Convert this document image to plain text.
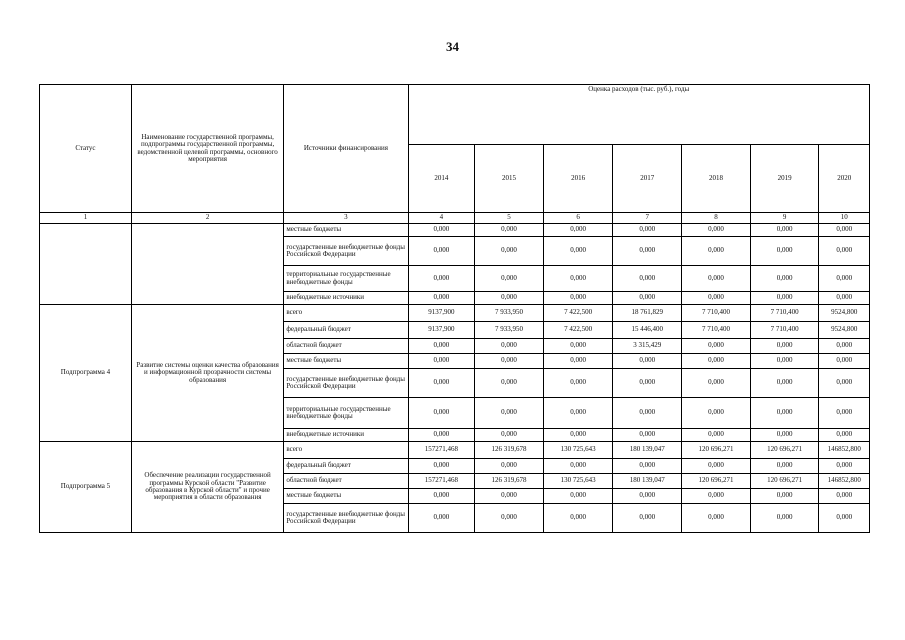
34
Статус	Наименование государственной программы, подпрограммы государственной программы, ведомственной целевой программы, основного мероприятия	Источники финансирования	Оценка расходов (тыс. руб.), годы						
			2014	2015	2016	2017	2018	2019	2020
1	2	3	4	5	6	7	8	9	10
		местные бюджеты	0,000	0,000	0,000	0,000	0,000	0,000	0,000
		государственные внебюджетные фонды Российской Федерации	0,000	0,000	0,000	0,000	0,000	0,000	0,000
		территориальные государственные внебюджетные фонды	0,000	0,000	0,000	0,000	0,000	0,000	0,000
		внебюджетные источники	0,000	0,000	0,000	0,000	0,000	0,000	0,000
Подпрограмма 4	Развитие системы оценки качества образования и информационной прозрачности системы образования	всего	9137,900	7 933,950	7 422,500	18 761,829	7 710,400	7 710,400	9524,800
		федеральный бюджет	9137,900	7 933,950	7 422,500	15 446,400	7 710,400	7 710,400	9524,800
		областной бюджет	0,000	0,000	0,000	3 315,429	0,000	0,000	0,000
		местные бюджеты	0,000	0,000	0,000	0,000	0,000	0,000	0,000
		государственные внебюджетные фонды Российской Федерации	0,000	0,000	0,000	0,000	0,000	0,000	0,000
		территориальные государственные внебюджетные фонды	0,000	0,000	0,000	0,000	0,000	0,000	0,000
		внебюджетные источники	0,000	0,000	0,000	0,000	0,000	0,000	0,000
Подпрограмма 5	Обеспечение реализации государственной программы Курской области "Развитие образования в Курской области" и прочие мероприятия в области образования	всего	157271,468	126 319,678	130 725,643	180 139,047	120 696,271	120 696,271	146852,800
		федеральный бюджет	0,000	0,000	0,000	0,000	0,000	0,000	0,000
		областной бюджет	157271,468	126 319,678	130 725,643	180 139,047	120 696,271	120 696,271	146852,800
		местные бюджеты	0,000	0,000	0,000	0,000	0,000	0,000	0,000
		государственные внебюджетные фонды Российской Федерации	0,000	0,000	0,000	0,000	0,000	0,000	0,000
